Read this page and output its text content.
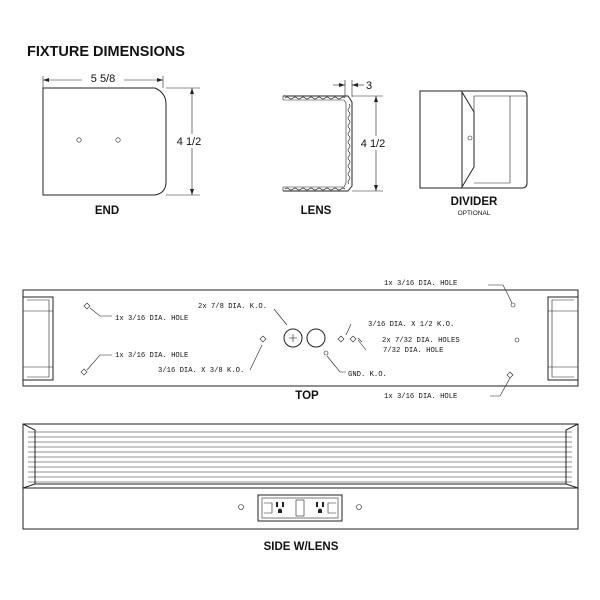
FIXTURE DIMENSIONS
5 5/8
4 1/2
END
3
4 1/2
LENS
DIVIDER
OPTIONAL
1x 3/16 DIA. HOLE
2x 7/8 DIA. K.O.
1x 3/16 DIA. HOLE
3/16 DIA. X 1/2 K.O.
2x 7/32 DIA. HOLES
7/32 DIA. HOLE
1x 3/16 DIA. HOLE
3/16 DIA. X 3/8 K.O.	GND. K.O.
1x 3/16 DIA. HOLE
TOP
SIDE W/LENS
